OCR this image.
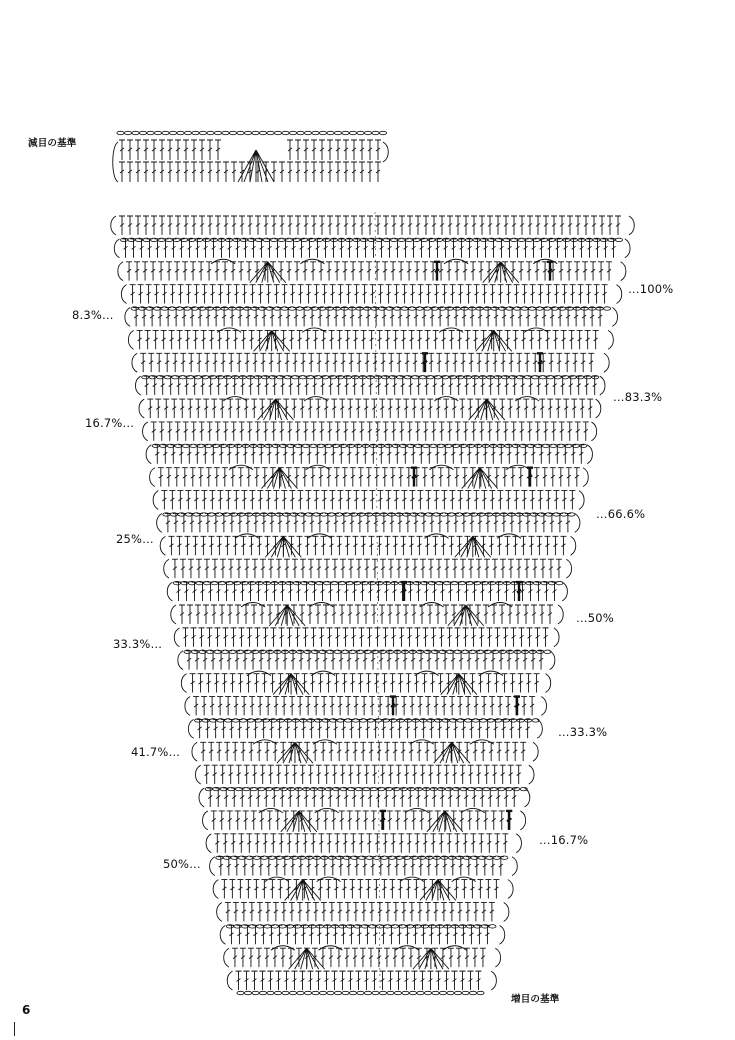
減目の基準
増目の基準
8.3%…
16.7%…
25%…
33.3%…
41.7%…
50%…
…100%
…83.3%
…66.6%
…50%
…33.3%
…16.7%
6
